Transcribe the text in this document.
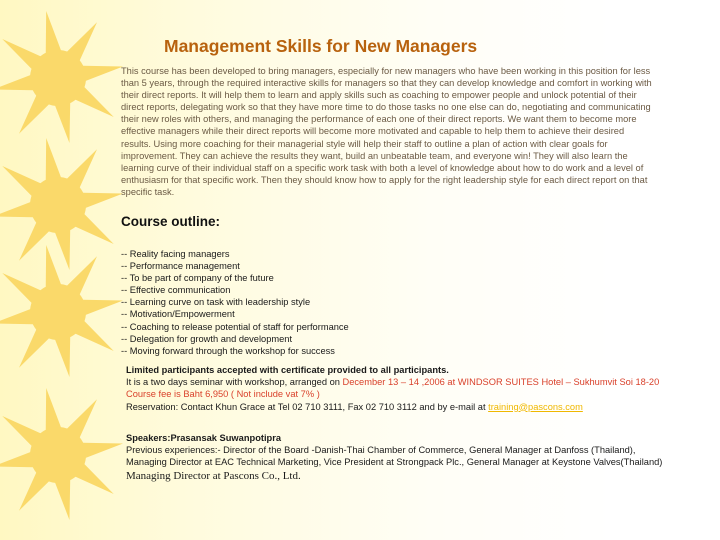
Management Skills for New Managers

This course has been developed to bring managers, especially for new managers who have been working in this position for less

than 5 years, through the required interactive skills for managers so that they can develop knowledge and comfort in working with

their direct reports. It will help them to learn and apply skills such as coaching to empower people and unlock potential of their

direct reports, delegating work so that they have more time to do those tasks no one else can do, negotiating and communicating

their new roles with others, and managing the performance of each one of their direct reports. We want them to become more

effective managers while their direct reports will become more motivated and capable to help them to achieve their desired

results. Using more coaching for their managerial style will help their staff to outline a plan of action with clear goals for

improvement. They can achieve the results they want, build an unbeatable team, and everyone win! They will also learn the

learning curve of their individual staff on a specific work task with both a level of knowledge about how to do work and a level of

enthusiasm for that specific work. Then they should know how to apply for the right leadership style for each direct report on that

specific task.

Course outline:
-- Reality facing managers
-- Performance management
-- To be part of company of the future
-- Effective communication
-- Learning curve on task with leadership style
-- Motivation/Empowerment
-- Coaching to release potential of staff for performance
-- Delegation for growth and development
-- Moving forward through the workshop for success
Limited participants accepted with certificate provided to all participants.
It is a two days seminar with workshop, arranged on December 13 – 14 ,2006 at WINDSOR SUITES Hotel – Sukhumvit Soi 18-20
Course fee is Baht 6,950 ( Not include vat 7% )
Reservation: Contact Khun Grace at Tel 02 710 3111, Fax 02 710 3112 and by e-mail at training@pascons.com
Speakers:Prasansak Suwanpotipra
Previous experiences:- Director of the Board -Danish-Thai Chamber of Commerce, General Manager at Danfoss (Thailand),
Managing Director at EAC Technical Marketing, Vice President at Strongpack Plc., General Manager at Keystone Valves(Thailand)
Managing Director at Pascons Co., Ltd.
